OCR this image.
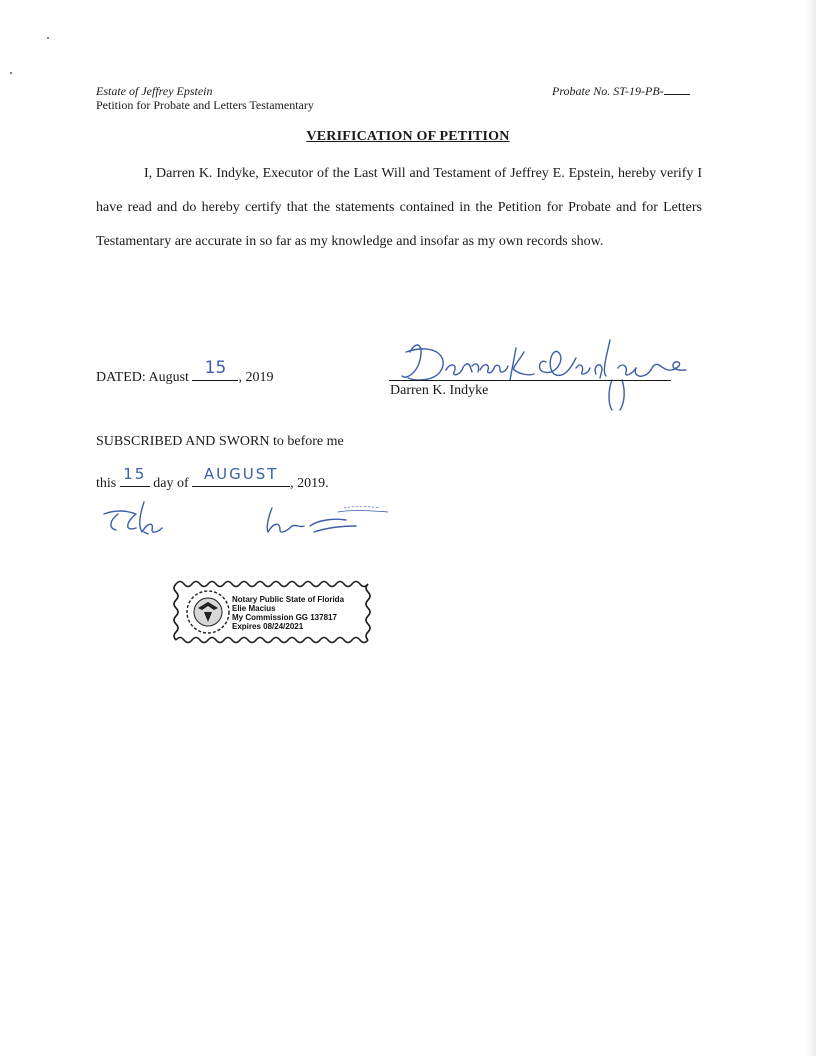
Estate of Jeffrey Epstein
Petition for Probate and Letters Testamentary
Probate No. ST-19-PB-
VERIFICATION OF PETITION
I, Darren K. Indyke, Executor of the Last Will and Testament of Jeffrey E. Epstein, hereby verify I have read and do hereby certify that the statements contained in the Petition for Probate and for Letters Testamentary are accurate in so far as my knowledge and insofar as my own records show.
DATED: August 15 , 2019
Darren K. Indyke
SUBSCRIBED AND SWORN to before me
this
15
day of
AUGUST
, 2019.
Notary Public State of Florida
Elie Macius
My Commission GG 137817
Expires 08/24/2021
